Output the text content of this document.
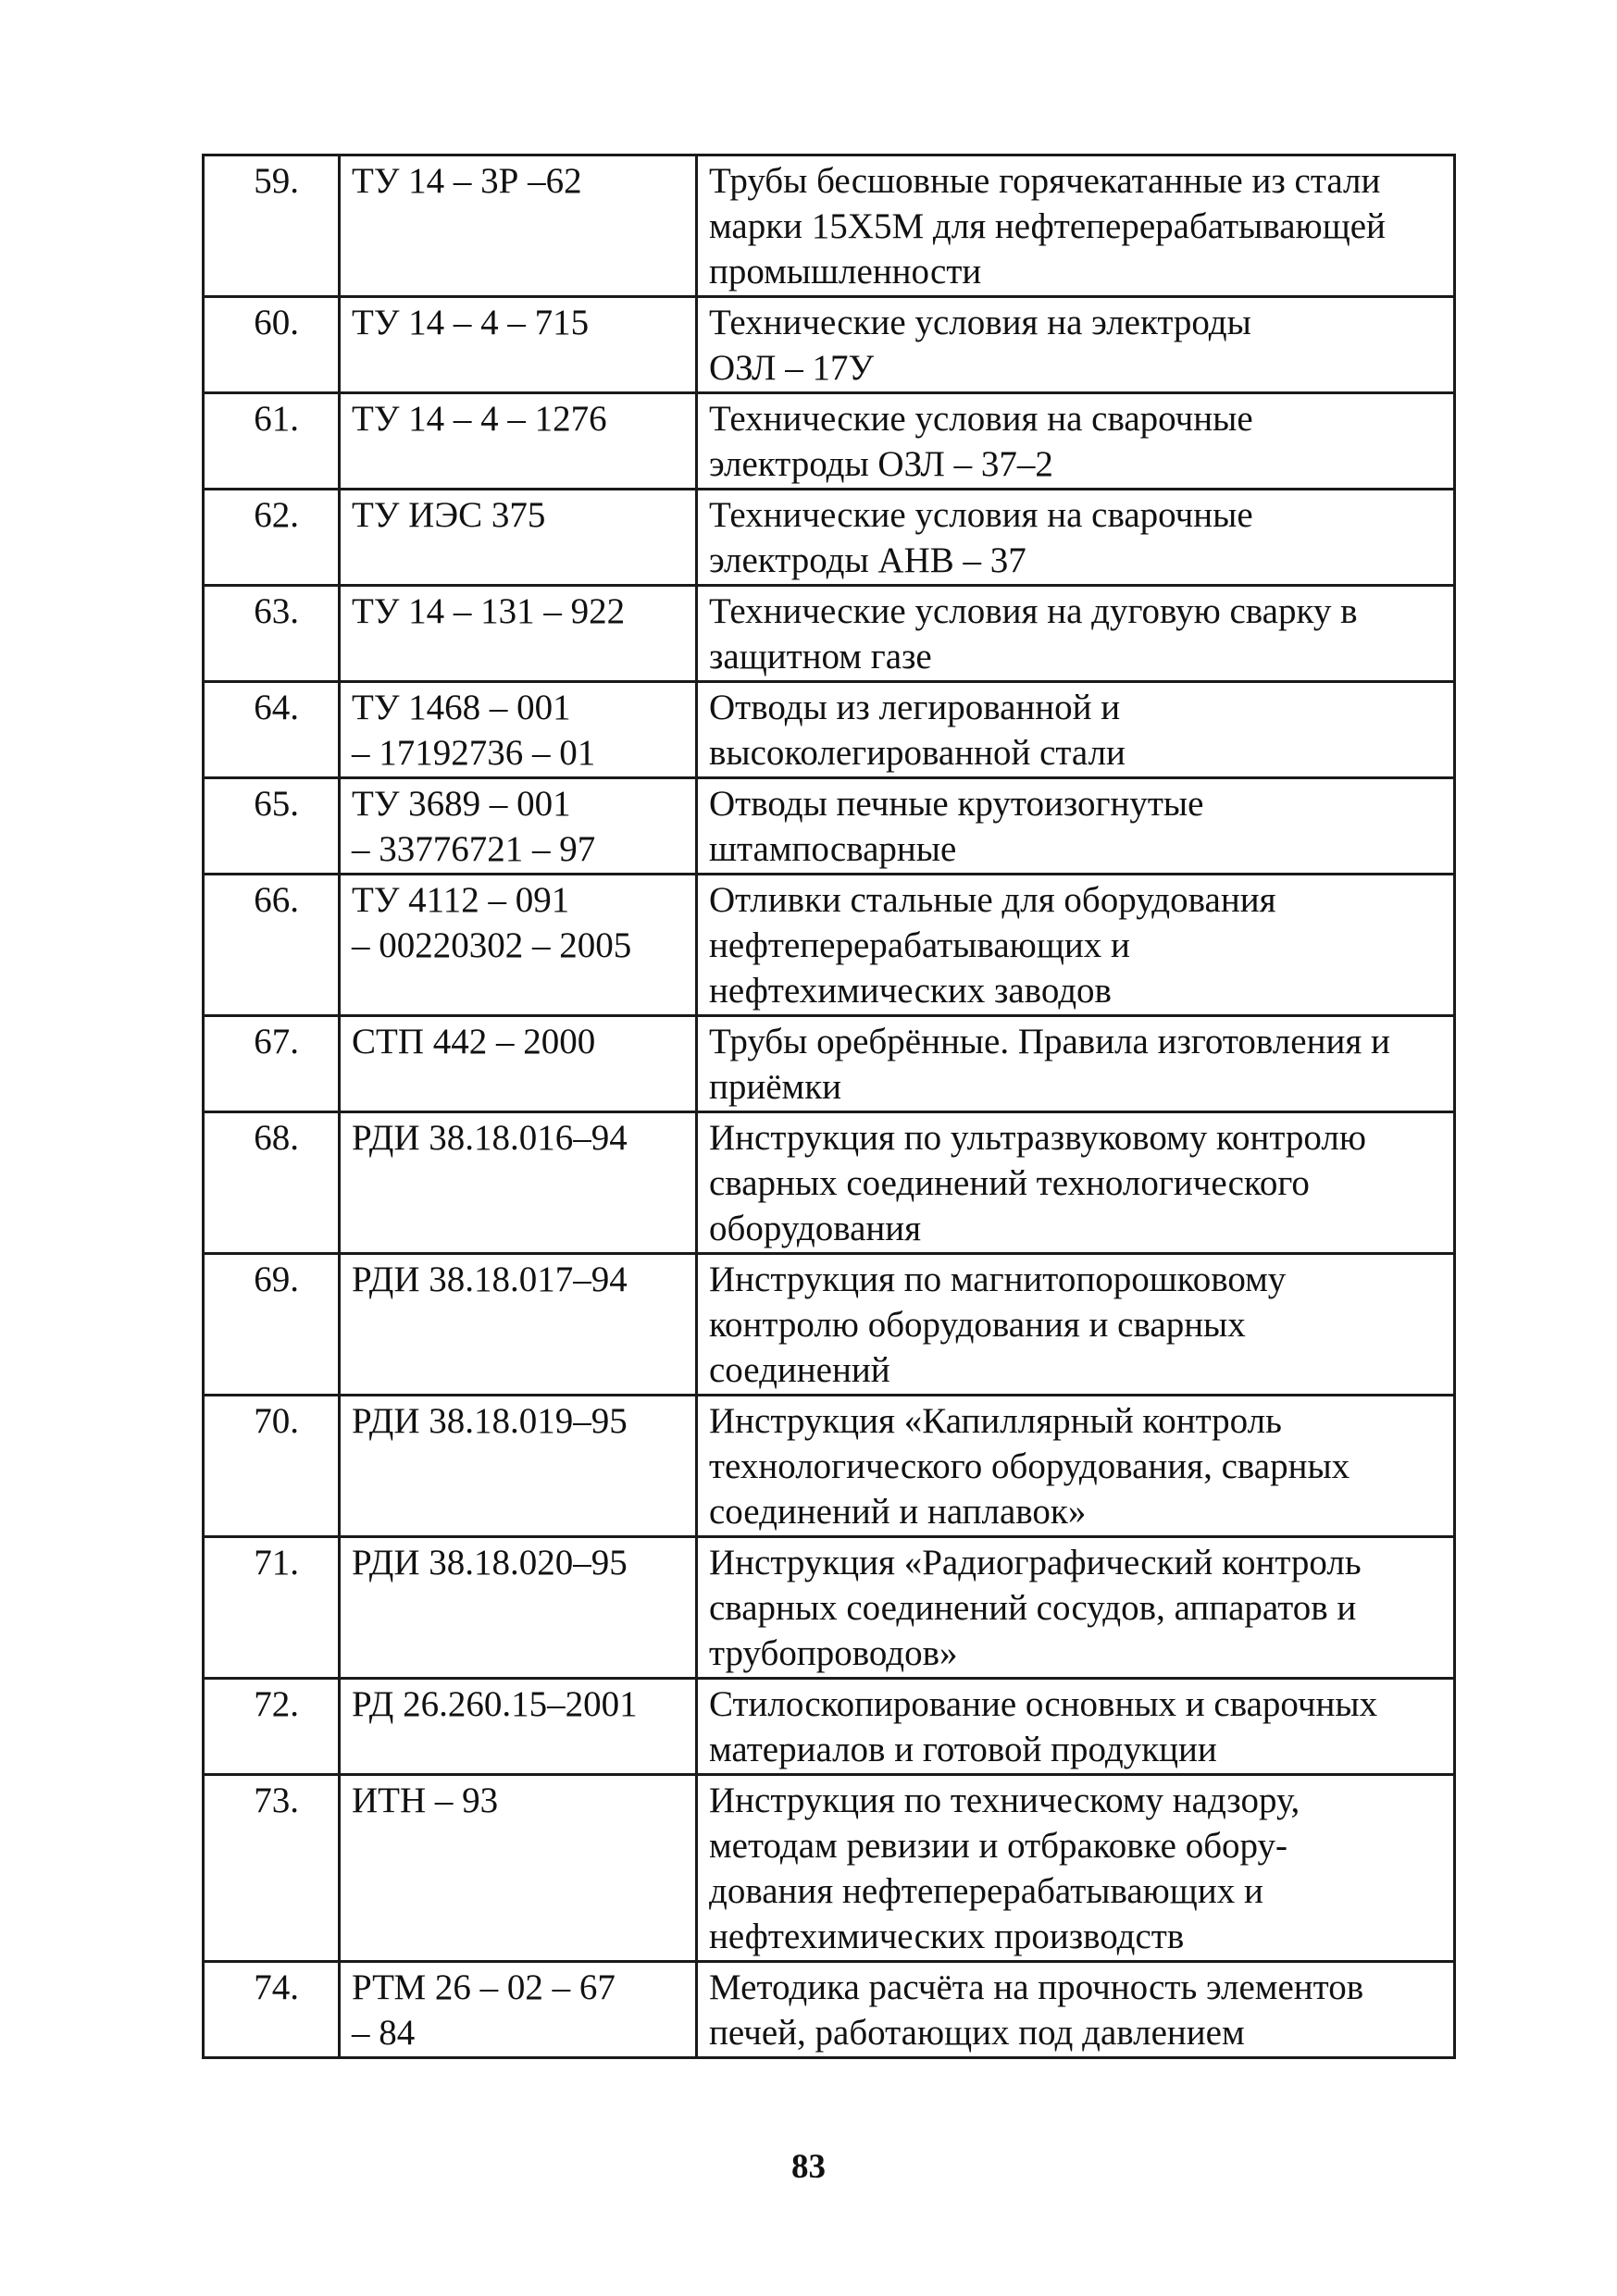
59.	ТУ 14 – 3Р –62	Трубы бесшовные горячекатанные из стали
марки 15Х5М для нефтеперерабатывающей
промышленности
60.	ТУ 14 – 4 – 715	Технические условия на электроды
ОЗЛ – 17У
61.	ТУ 14 – 4 – 1276	Технические условия на сварочные
электроды ОЗЛ – 37–2
62.	ТУ ИЭС 375	Технические условия на сварочные
электроды АНВ – 37
63.	ТУ 14 – 131 – 922	Технические условия на дуговую сварку в
защитном газе
64.	ТУ 1468 – 001
– 17192736 – 01	Отводы из легированной и
высоколегированной стали
65.	ТУ 3689 – 001
– 33776721 – 97	Отводы печные крутоизогнутые
штампосварные
66.	ТУ 4112 – 091
– 00220302 – 2005	Отливки стальные для оборудования
нефтеперерабатывающих и
нефтехимических заводов
67.	СТП 442 – 2000	Трубы оребрённые. Правила изготовления и
приёмки
68.	РДИ 38.18.016–94	Инструкция по ультразвуковому контролю
сварных соединений технологического
оборудования
69.	РДИ 38.18.017–94	Инструкция по магнитопорошковому
контролю оборудования и сварных
соединений
70.	РДИ 38.18.019–95	Инструкция «Капиллярный контроль
технологического оборудования, сварных
соединений и наплавок»
71.	РДИ 38.18.020–95	Инструкция «Радиографический контроль
сварных соединений сосудов, аппаратов и
трубопроводов»
72.	РД 26.260.15–2001	Стилоскопирование основных и сварочных
материалов и готовой продукции
73.	ИТН – 93	Инструкция по техническому надзору,
методам ревизии и отбраковке обору-
дования нефтеперерабатывающих и
нефтехимических производств
74.	РТМ 26 – 02 – 67
– 84	Методика расчёта на прочность элементов
печей, работающих под давлением
83
